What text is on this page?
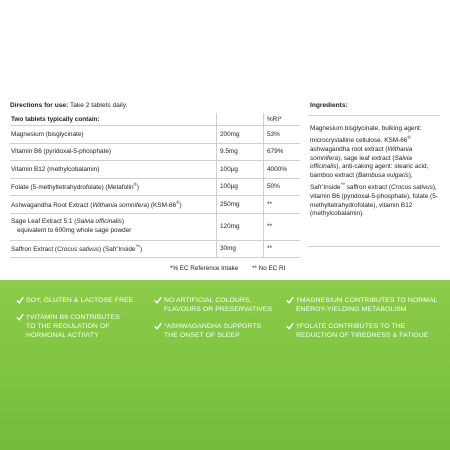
Directions for use: Take 2 tablets daily.
Two tablets typically contain:		%RI*
Magnesium (bisglycinate)	200mg	53%
Vitamin B6 (pyridoxal-5-phosphate)	9.5mg	679%
Vitamin B12 (methylcobalamin)	100µg	4000%
Folate (5-methyltetrahydrofolate) (Metafolin®)	100µg	50%
Ashwagandha Root Extract (Withania somnifera) (KSM-66®)	250mg	**
Sage Leaf Extract 5:1 (Salvia officinalis)
equivalent to 600mg whole sage powder	120mg	**
Saffron Extract (Crocus sativus) (Safr’Inside™)	30mg	**
*% EC Reference Intake ** No EC RI
Ingredients:
Magnesium bisglycinate, bulking agent: microcrystalline cellulose, KSM-66® ashwagandha root extract (Withania somnifera), sage leaf extract (Salvia officinalis), anti-caking agent: stearic acid, bamboo extract (Bambusa vulgaris), Safr’Inside™ saffron extract (Crocus sativus), vitamin B6 (pyridoxal-5-phosphate), folate (5-methyltetrahydrofolate), vitamin B12 (methylcobalamin).
SOY, GLUTEN & LACTOSE FREE	NO ARTIFICIAL COLOURS,
FLAVOURS OR PRESERVATIVES
†MAGNESIUM CONTRIBUTES TO NORMAL
ENERGY-YIELDING METABOLISM
†VITAMIN B6 CONTRIBUTES
TO THE REGULATION OF
HORMONAL ACTIVITY
*ASHWAGANDHA SUPPORTS
THE ONSET OF SLEEP
†FOLATE CONTRIBUTES TO THE
REDUCTION OF TIREDNESS & FATIGUE
